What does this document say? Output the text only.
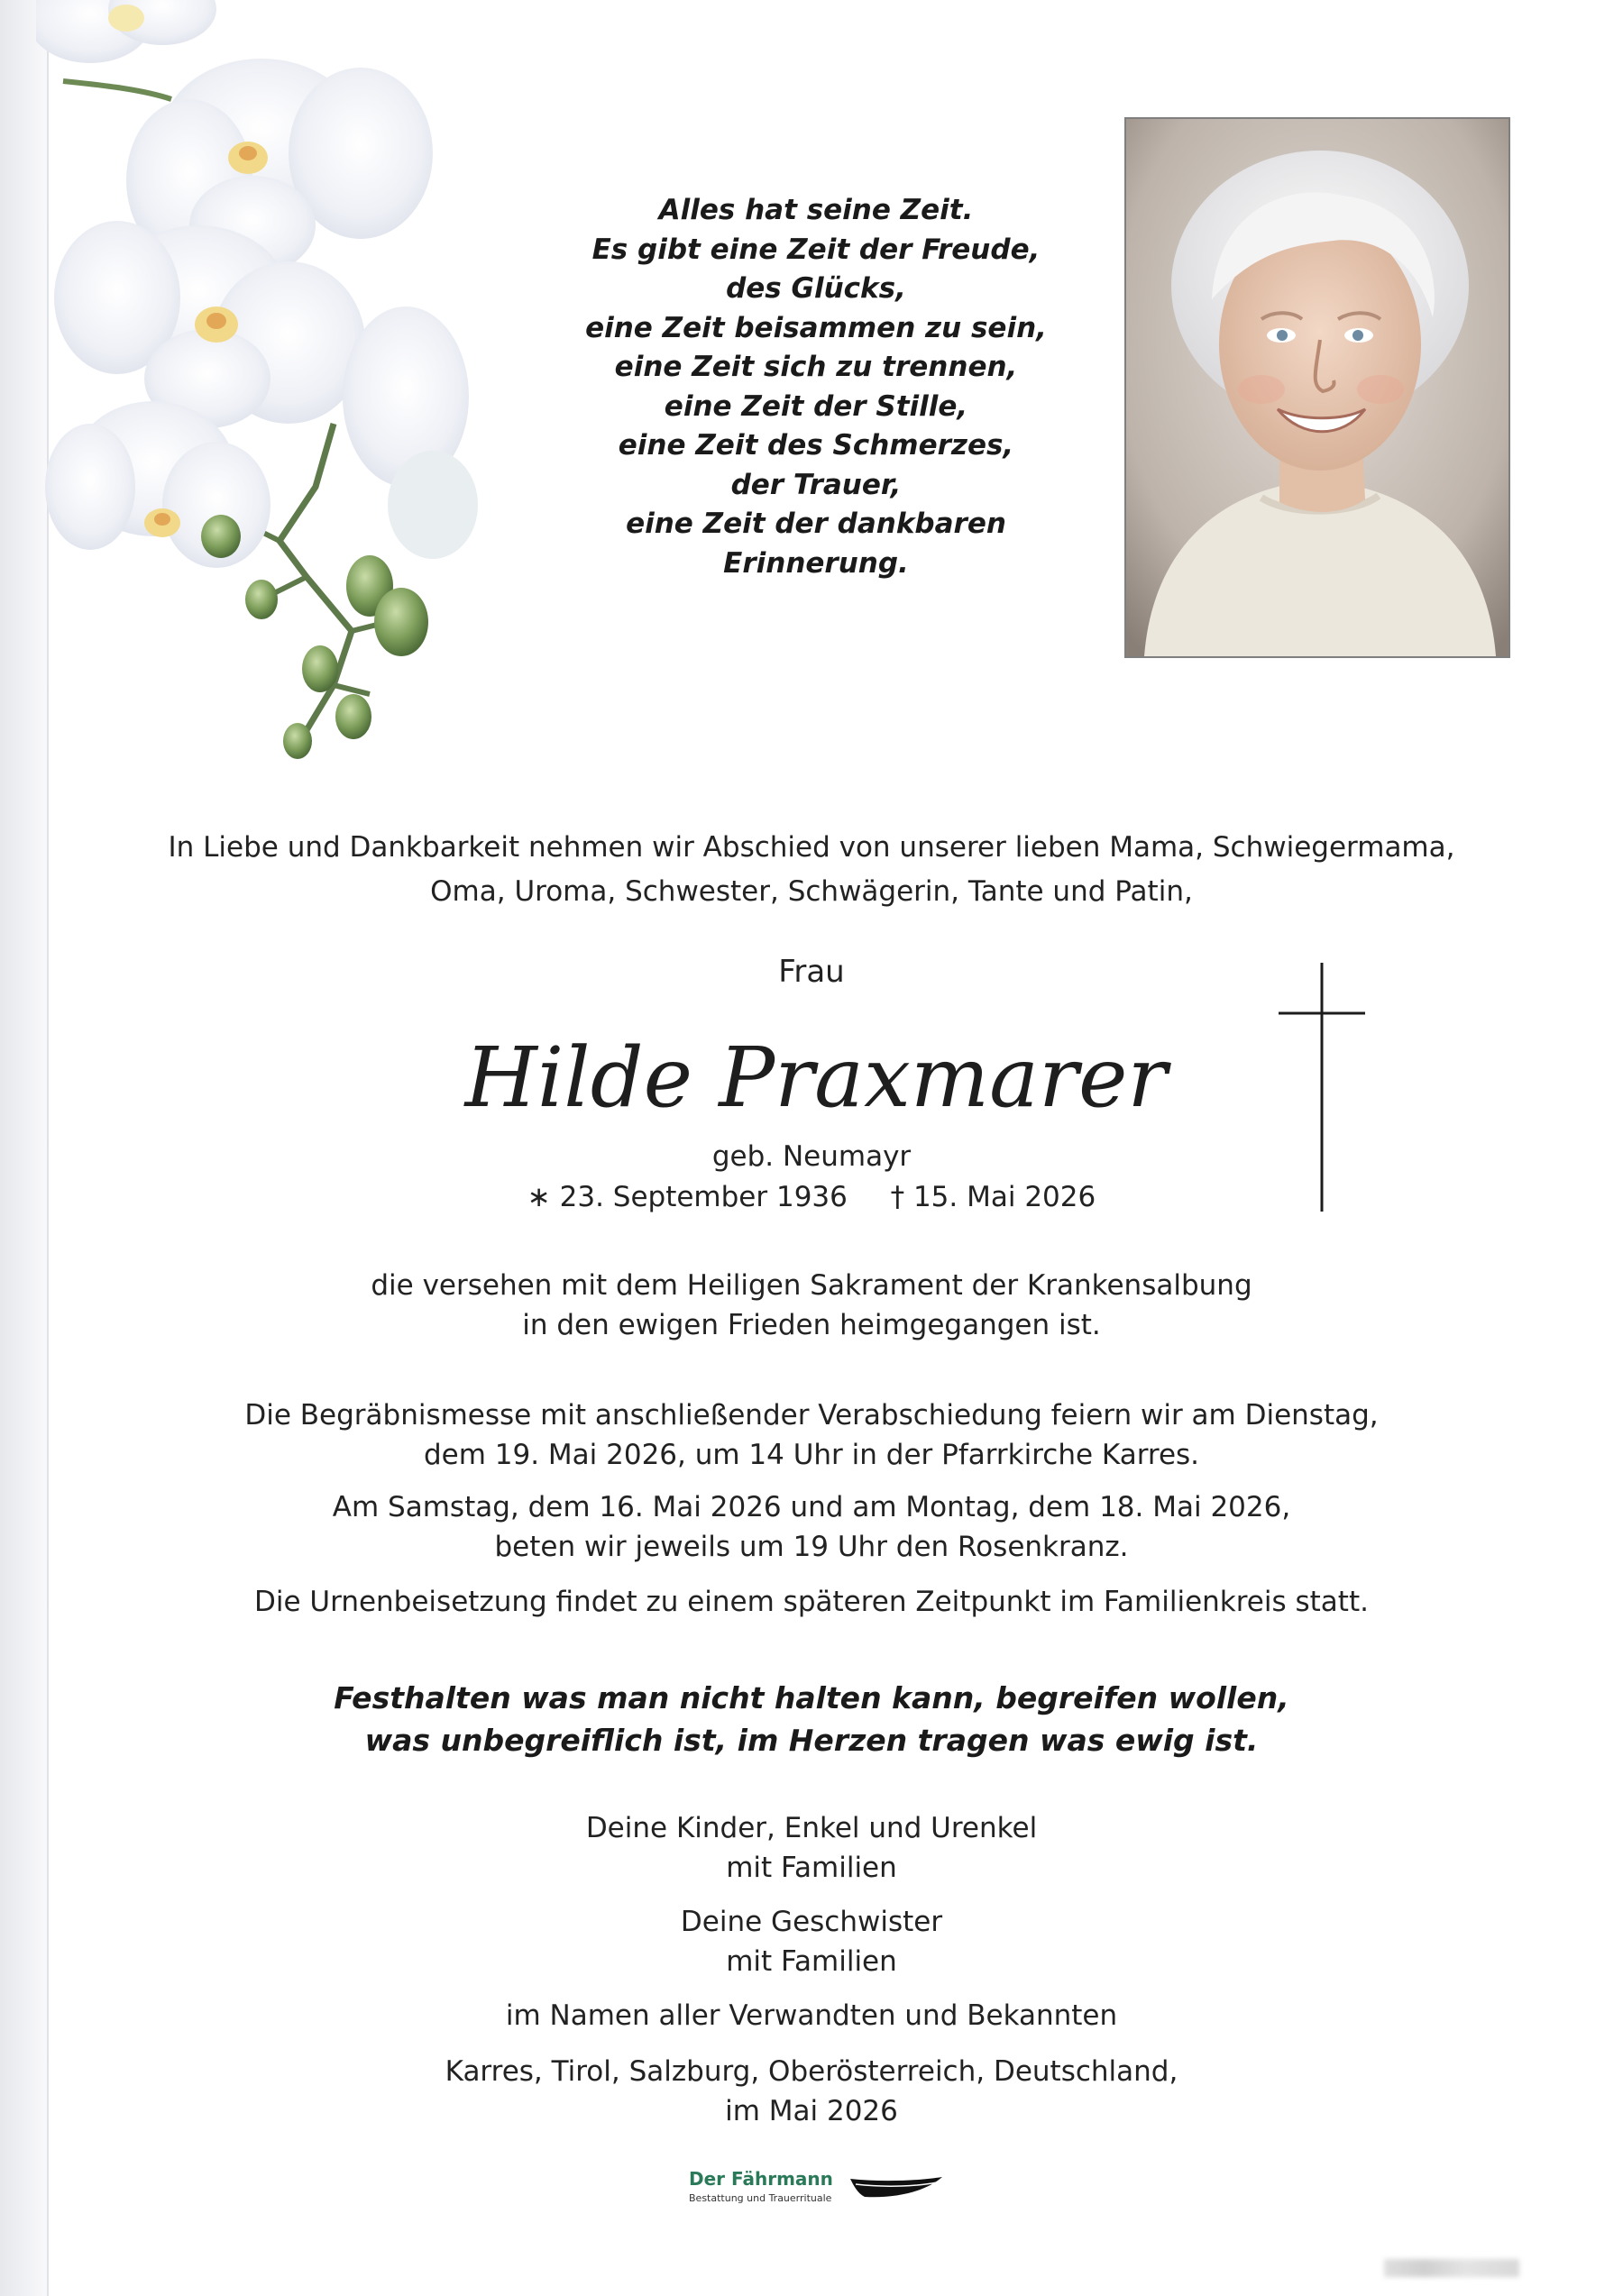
Alles hat seine Zeit.
Es gibt eine Zeit der Freude,
des Glücks,
eine Zeit beisammen zu sein,
eine Zeit sich zu trennen,
eine Zeit der Stille,
eine Zeit des Schmerzes,
der Trauer,
eine Zeit der dankbaren
Erinnerung.
In Liebe und Dankbarkeit nehmen wir Abschied von unserer lieben Mama, Schwiegermama,
Oma, Uroma, Schwester, Schwägerin, Tante und Patin,
Frau
Hilde Praxmarer
geb. Neumayr
∗ 23. September 1936 † 15. Mai 2026
die versehen mit dem Heiligen Sakrament der Krankensalbung
in den ewigen Frieden heimgegangen ist.
Die Begräbnismesse mit anschließender Verabschiedung feiern wir am Dienstag,
dem 19. Mai 2026, um 14 Uhr in der Pfarrkirche Karres.
Am Samstag, dem 16. Mai 2026 und am Montag, dem 18. Mai 2026,
beten wir jeweils um 19 Uhr den Rosenkranz.
Die Urnenbeisetzung findet zu einem späteren Zeitpunkt im Familienkreis statt.
Festhalten was man nicht halten kann, begreifen wollen,
was unbegreiflich ist, im Herzen tragen was ewig ist.
Deine Kinder, Enkel und Urenkel
mit Familien
Deine Geschwister
mit Familien
im Namen aller Verwandten und Bekannten
Karres, Tirol, Salzburg, Oberösterreich, Deutschland,
im Mai 2026
Der Fährmann
Bestattung und Trauerrituale
